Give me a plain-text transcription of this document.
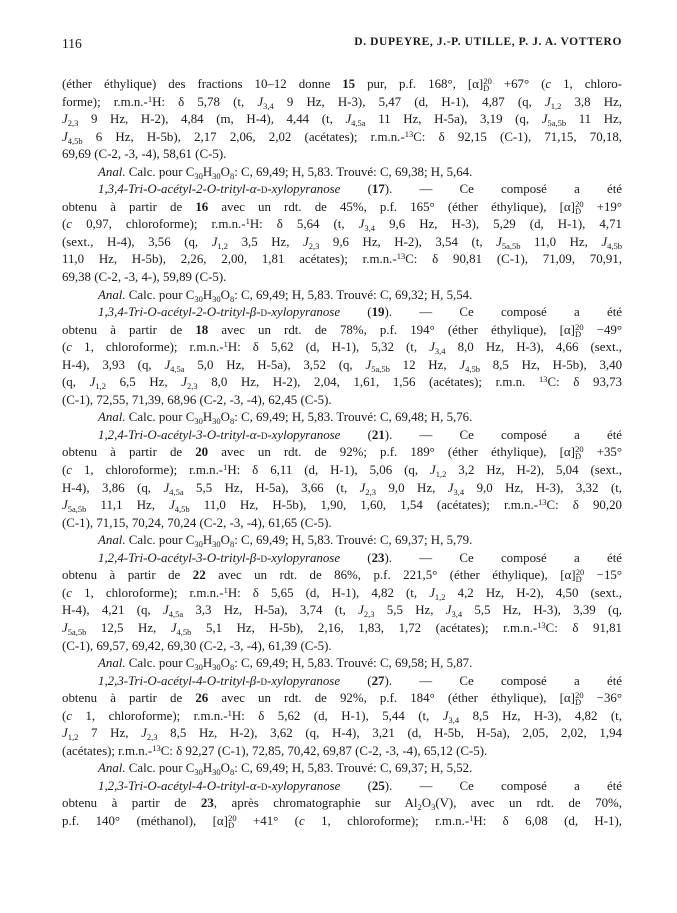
116	D. DUPEYRE, J.-P. UTILLE, P. J. A. VOTTERO
(éther éthylique) des fractions 10–12 donne 15 pur, p.f. 168°, $[\alpha]_D^{20} +67^\circ$ (c 1, chloro-
forme); r.m.n.-$^1$H: δ 5,78 (t, $J_{3,4}$ 9 Hz, H-3), 5,47 (d, H-1), 4,87 (q, $J_{1,2}$ 3,8 Hz,
$J_{2,3}$ 9 Hz, H-2), 4,84 (m, H-4), 4,44 (t, $J_{4,5a}$ 11 Hz, H-5a), 3,19 (q, $J_{5a,5b}$ 11 Hz,
$J_{4,5b}$ 6 Hz, H-5b), 2,17 2,06, 2,02 (acétates); r.m.n.-$^{13}$C: δ 92,15 (C-1), 71,15, 70,18,
69,69 (C-2, -3, -4), 58,61 (C-5).
Anal. Calc. pour $C_{30}H_{30}O_8$: C, 69,49; H, 5,83. Trouvé: C, 69,38; H, 5,64.
1,3,4-Tri-O-acétyl-2-O-trityl-α-d-xylopyranose (17). — Ce composé a été
obtenu à partir de 16 avec un rdt. de 45%, p.f. 165° (éther éthylique), $[\alpha]_D^{20} +19^\circ$
(c 0,97, chloroforme); r.m.n.-$^1$H: δ 5,64 (t, $J_{3,4}$ 9,6 Hz, H-3), 5,29 (d, H-1), 4,71
(sext., H-4), 3,56 (q, $J_{1,2}$ 3,5 Hz, $J_{2,3}$ 9,6 Hz, H-2), 3,54 (t, $J_{5a,5b}$ 11,0 Hz, $J_{4,5b}$
11,0 Hz, H-5b), 2,26, 2,00, 1,81 acétates); r.m.n.-$^{13}$C: δ 90,81 (C-1), 71,09, 70,91,
69,38 (C-2, -3, 4-), 59,89 (C-5).
Anal. Calc. pour $C_{30}H_{30}O_8$: C, 69,49; H, 5,83. Trouvé: C, 69,32; H, 5,54.
1,3,4-Tri-O-acétyl-2-O-trityl-β-d-xylopyranose (19). — Ce composé a été
obtenu à partir de 18 avec un rdt. de 78%, p.f. 194° (éther éthylique), $[\alpha]_D^{20} -49^\circ$
(c 1, chloroforme); r.m.n.-$^1$H: δ 5,62 (d, H-1), 5,32 (t, $J_{3,4}$ 8,0 Hz, H-3), 4,66 (sext.,
H-4), 3,93 (q, $J_{4,5a}$ 5,0 Hz, H-5a), 3,52 (q, $J_{5a,5b}$ 12 Hz, $J_{4,5b}$ 8,5 Hz, H-5b), 3,40
(q, $J_{1,2}$ 6,5 Hz, $J_{2,3}$ 8,0 Hz, H-2), 2,04, 1,61, 1,56 (acétates); r.m.n. $^{13}$C: δ 93,73
(C-1), 72,55, 71,39, 68,96 (C-2, -3, -4), 62,45 (C-5).
Anal. Calc. pour $C_{30}H_{30}O_8$: C, 69,49; H, 5,83. Trouvé: C, 69,48; H, 5,76.
1,2,4-Tri-O-acétyl-3-O-trityl-α-d-xylopyranose (21). — Ce composé a été
obtenu à partir de 20 avec un rdt. de 92%; p.f. 189° (éther éthylique), $[\alpha]_D^{20} +35^\circ$
(c 1, chloroforme); r.m.n.-$^1$H: δ 6,11 (d, H-1), 5,06 (q, $J_{1,2}$ 3,2 Hz, H-2), 5,04 (sext.,
H-4), 3,86 (q, $J_{4,5a}$ 5,5 Hz, H-5a), 3,66 (t, $J_{2,3}$ 9,0 Hz, $J_{3,4}$ 9,0 Hz, H-3), 3,32 (t,
$J_{5a,5b}$ 11,1 Hz, $J_{4,5b}$ 11,0 Hz, H-5b), 1,90, 1,60, 1,54 (acétates); r.m.n.-$^{13}$C: δ 90,20
(C-1), 71,15, 70,24, 70,24 (C-2, -3, -4), 61,65 (C-5).
Anal. Calc. pour $C_{30}H_{30}O_8$: C, 69,49; H, 5,83. Trouvé: C, 69,37; H, 5,79.
1,2,4-Tri-O-acétyl-3-O-trityl-β-d-xylopyranose (23). — Ce composé a été
obtenu à partir de 22 avec un rdt. de 86%, p.f. 221,5° (éther éthylique), $[\alpha]_D^{20} -15^\circ$
(c 1, chloroforme); r.m.n.-$^1$H: δ 5,65 (d, H-1), 4,82 (t, $J_{1,2}$ 4,2 Hz, H-2), 4,50 (sext.,
H-4), 4,21 (q, $J_{4,5a}$ 3,3 Hz, H-5a), 3,74 (t, $J_{2,3}$ 5,5 Hz, $J_{3,4}$ 5,5 Hz, H-3), 3,39 (q,
$J_{5a,5b}$ 12,5 Hz, $J_{4,5b}$ 5,1 Hz, H-5b), 2,16, 1,83, 1,72 (acétates); r.m.n.-$^{13}$C: δ 91,81
(C-1), 69,57, 69,42, 69,30 (C-2, -3, -4), 61,39 (C-5).
Anal. Calc. pour $C_{30}H_{30}O_8$: C, 69,49; H, 5,83. Trouvé: C, 69,58; H, 5,87.
1,2,3-Tri-O-acétyl-4-O-trityl-β-d-xylopyranose (27). — Ce composé a été
obtenu à partir de 26 avec un rdt. de 92%, p.f. 184° (éther éthylique), $[\alpha]_D^{20} -36^\circ$
(c 1, chloroforme); r.m.n.-$^1$H: δ 5,62 (d, H-1), 5,44 (t, $J_{3,4}$ 8,5 Hz, H-3), 4,82 (t,
$J_{1,2}$ 7 Hz, $J_{2,3}$ 8,5 Hz, H-2), 3,62 (q, H-4), 3,21 (d, H-5b, H-5a), 2,05, 2,02, 1,94
(acétates); r.m.n.-$^{13}$C: δ 92,27 (C-1), 72,85, 70,42, 69,87 (C-2, -3, -4), 65,12 (C-5).
Anal. Calc. pour $C_{30}H_{30}O_8$: C, 69,49; H, 5,83. Trouvé: C, 69,37; H, 5,52.
1,2,3-Tri-O-acétyl-4-O-trityl-α-d-xylopyranose (25). — Ce composé a été
obtenu à partir de 23, après chromatographie sur $Al_2O_3(V)$, avec un rdt. de 70%,
p.f. 140° (méthanol), $[\alpha]_D^{20} +41^\circ$ (c 1, chloroforme); r.m.n.-$^1$H: δ 6,08 (d, H-1),
